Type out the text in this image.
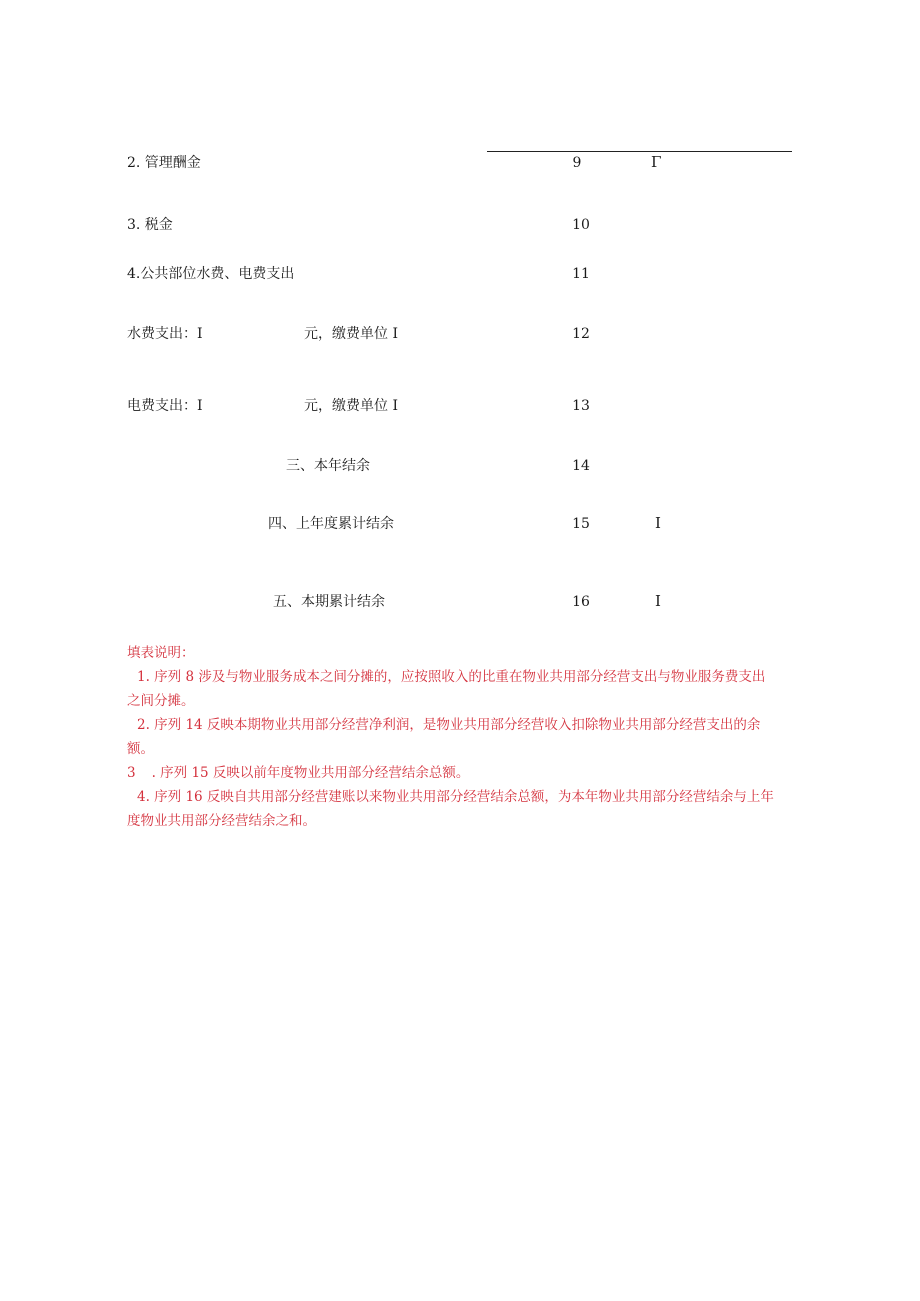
2. 管理酬金	9	Γ
3. 税金	10
4.公共部位水费、电费支出	11
水费支出：I	元，缴费单位 I	12
电费支出：I	元，缴费单位 I	13
三、本年结余	14
四、上年度累计结余	15	I
五、本期累计结余	16	I

填表说明：

1. 序列 8 涉及与物业服务成本之间分摊的，应按照收入的比重在物业共用部分经营支出与物业服务费支出

之间分摊。

2. 序列 14 反映本期物业共用部分经营净利润，是物业共用部分经营收入扣除物业共用部分经营支出的余

额。

3 . 序列 15 反映以前年度物业共用部分经营结余总额。

4. 序列 16 反映自共用部分经营建账以来物业共用部分经营结余总额，为本年物业共用部分经营结余与上年

度物业共用部分经营结余之和。
